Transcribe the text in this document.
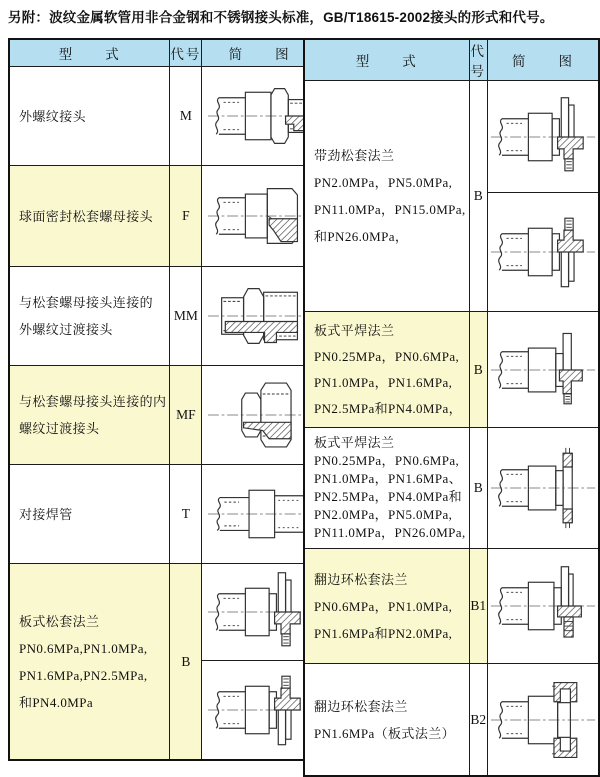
另附：波纹金属软管用非合金钢和不锈钢接头标准，GB/T18615-2002接头的形式和代号。
型　　式	代号	简　　图

外螺纹接头	M	

球面密封松套螺母接头	F	

与松套螺母接头连接的
外螺纹过渡接头	MM	

与松套螺母接头连接的内
螺纹过渡接头	MF	

对接焊管	T	

板式松套法兰
PN0.6MPa,PN1.0MPa,
PN1.6MPa,PN2.5MPa,
和PN4.0MPa	B	

型　　式	代号	简　　图

带劲松套法兰
PN2.0MPa，PN5.0MPa,
PN11.0MPa，PN15.0MPa,
和PN26.0MPa，	B	

板式平焊法兰
PN0.25MPa，PN0.6MPa,
PN1.0MPa，PN1.6MPa,
PN2.5MPa和PN4.0MPa，	B	

板式平焊法兰
PN0.25MPa，PN0.6MPa,
PN1.0MPa，PN1.6MPa、
PN2.5MPa，PN4.0MPa和
PN2.0MPa，PN5.0MPa,
PN11.0MPa，PN26.0MPa,
	B	

翻边环松套法兰
PN0.6MPa，PN1.0MPa,
PN1.6MPa和PN2.0MPa,	B1	

翻边环松套法兰
PN1.6MPa（板式法兰）	B2	
